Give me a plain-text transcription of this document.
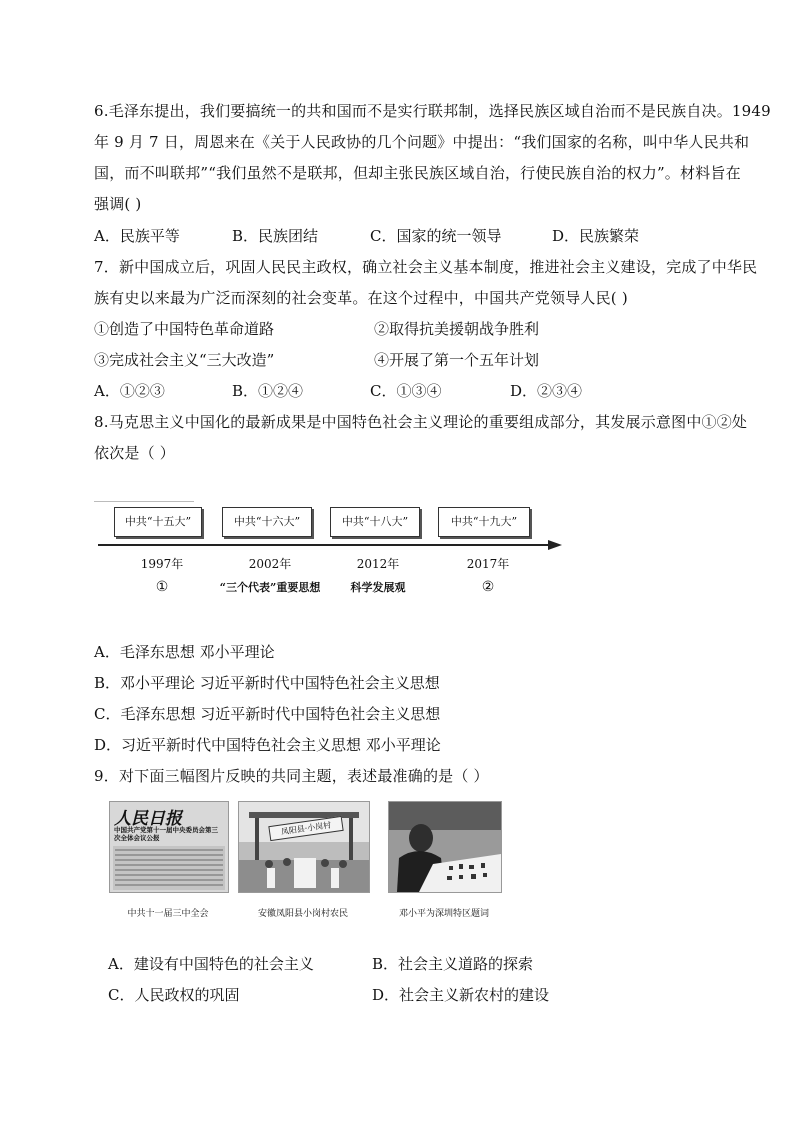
6.毛泽东提出，我们要搞统一的共和国而不是实行联邦制，选择民族区域自治而不是民族自决。1949
年 9 月 7 日，周恩来在《关于人民政协的几个问题》中提出：“我们国家的名称，叫中华人民共和
国，而不叫联邦”“我们虽然不是联邦，但却主张民族区域自治，行使民族自治的权力”。材料旨在
强调( )
A．民族平等	B．民族团结	C．国家的统一领导	D．民族繁荣
7．新中国成立后，巩固人民民主政权，确立社会主义基本制度，推进社会主义建设，完成了中华民
族有史以来最为广泛而深刻的社会变革。在这个过程中，中国共产党领导人民( )
①创造了中国特色革命道路	②取得抗美援朝战争胜利
③完成社会主义“三大改造”	④开展了第一个五年计划
A．①②③	B．①②④	C．①③④	D．②③④
8.马克思主义中国化的最新成果是中国特色社会主义理论的重要组成部分，其发展示意图中①②处
依次是（ ）
中共“十五大”	中共“十六大”	中共“十八大”	中共“十九大”
1997年	2002年	2012年	2017年
①	“三个代表”重要思想	科学发展观	②
A．毛泽东思想 邓小平理论
B．邓小平理论 习近平新时代中国特色社会主义思想
C．毛泽东思想 习近平新时代中国特色社会主义思想
D．习近平新时代中国特色社会主义思想 邓小平理论
9．对下面三幅图片反映的共同主题，表述最准确的是（ ）
人民日报
中国共产党第十一届中央委员会第三次全体会议公报
凤阳县·小岗村
中共十一届三中全会	安徽凤阳县小岗村农民	邓小平为深圳特区题词
A．建设有中国特色的社会主义	B．社会主义道路的探索
C．人民政权的巩固	D．社会主义新农村的建设
